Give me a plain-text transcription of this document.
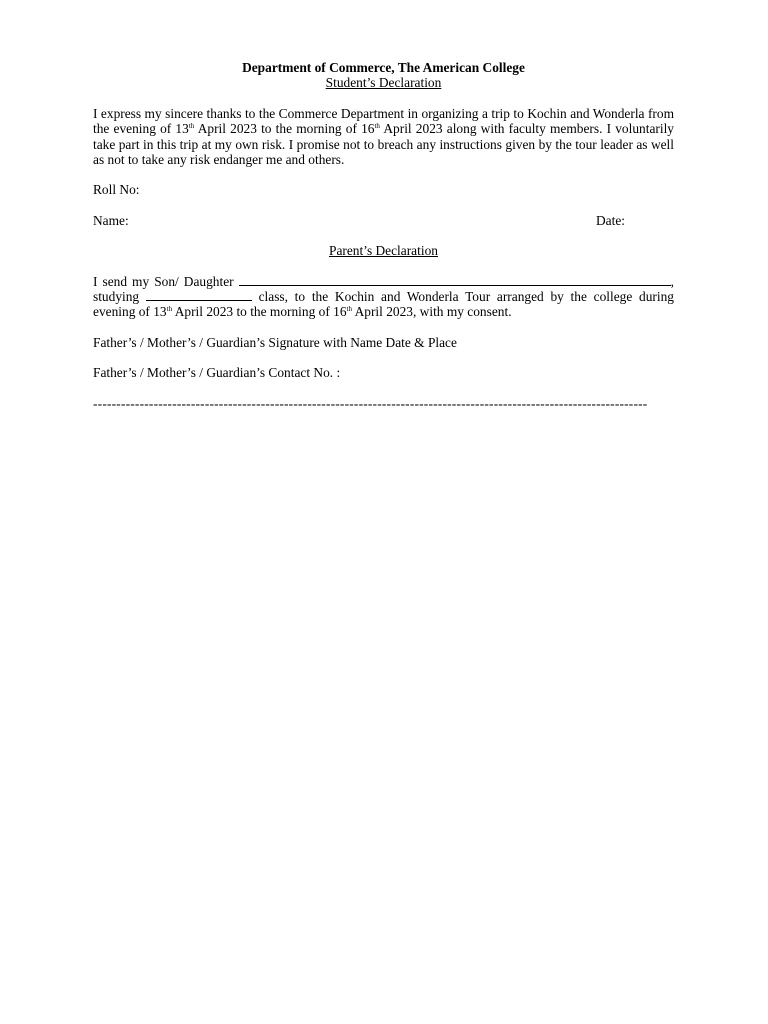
Department of Commerce, The American College

Student’s Declaration

I express my sincere thanks to the Commerce Department in organizing a trip to Kochin and Wonderla from the evening of 13th April 2023 to the morning of 16th April 2023 along with faculty members. I voluntarily take part in this trip at my own risk. I promise not to breach any instructions given by the tour leader as well as not to take any risk endanger me and others.

Roll No:

Name:	Date:

Parent’s Declaration

I send my Son/ Daughter	, studying	class, to the Kochin and Wonderla Tour arranged by the college during evening of 13th April 2023 to the morning of 16th April 2023, with my consent.

Father’s / Mother’s / Guardian’s Signature with Name Date & Place

Father’s / Mother’s / Guardian’s Contact No. :

-----------------------------------------------------------------------------------------------------------------------
